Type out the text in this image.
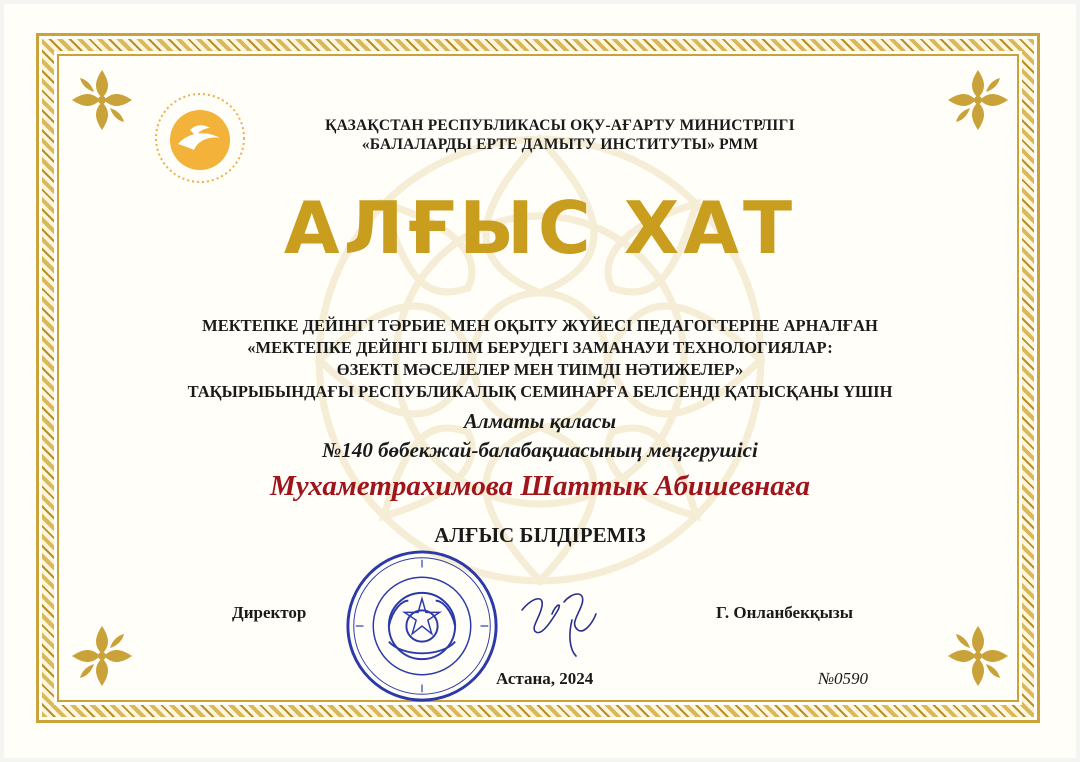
ҚАЗАҚСТАН РЕСПУБЛИКАСЫ ОҚУ-АҒАРТУ МИНИСТРЛІГІ
«БАЛАЛАРДЫ ЕРТЕ ДАМЫТУ ИНСТИТУТЫ» РММ
АЛҒЫС ХАТ
МЕКТЕПКЕ ДЕЙІНГІ ТӘРБИЕ МЕН ОҚЫТУ ЖҮЙЕСІ ПЕДАГОГТЕРІНЕ АРНАЛҒАН
«МЕКТЕПКЕ ДЕЙІНГІ БІЛІМ БЕРУДЕГІ ЗАМАНАУИ ТЕХНОЛОГИЯЛАР:
ӨЗЕКТІ МӘСЕЛЕЛЕР МЕН ТИІМДІ НӘТИЖЕЛЕР»
ТАҚЫРЫБЫНДАҒЫ РЕСПУБЛИКАЛЫҚ СЕМИНАРҒА БЕЛСЕНДІ ҚАТЫСҚАНЫ ҮШІН
Алматы қаласы
№140 бөбекжай-балабақшасының меңгерушісі
Мухаметрахимова Шаттык Абишевнаға
АЛҒЫС БІЛДІРЕМІЗ
Директор	Г. Онланбекқызы
Астана, 2024	№0590
